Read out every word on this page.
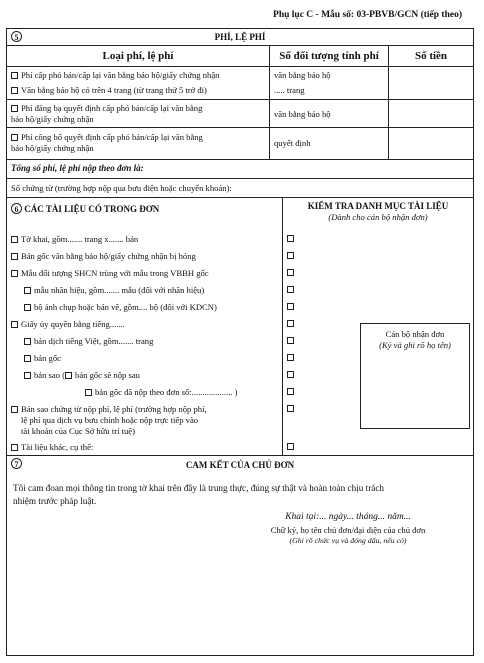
Phụ lục C - Mẫu số: 03-PBVB/GCN (tiếp theo)
5	PHÍ, LỆ PHÍ
Loại phí, lệ phí	Số đối tượng tính phí	Số tiền
Phí cấp phó bản/cấp lại văn bằng bảo hộ/giấy chứng nhận	văn bằng bảo hộ
Văn bằng bảo hộ có trên 4 trang (từ trang thứ 5 trở đi)	..... trang
Phí đăng bạ quyết định cấp phó bản/cấp lại văn bằng
bảo hộ/giấy chứng nhận	văn bằng bảo hộ
Phí công bố quyết định cấp phó bản/cấp lại văn bằng
bảo hộ/giấy chứng nhận	quyết định
Tổng số phí, lệ phí nộp theo đơn là:
Số chứng từ (trường hợp nộp qua bưu điện hoặc chuyển khoản):
6 CÁC TÀI LIỆU CÓ TRONG ĐƠN	KIỂM TRA DANH MỤC TÀI LIỆU
(Dành cho cán bộ nhận đơn)
Tờ khai, gồm....... trang x....... bản
Bản gốc văn bằng bảo hộ/giấy chứng nhận bị hỏng
Mẫu đối tượng SHCN trùng với mẫu trong VBBH gốc
mẫu nhãn hiệu, gồm....... mẫu (đối với nhãn hiệu)
bộ ảnh chụp hoặc bản vẽ, gồm.... bộ (đối với KDCN)
Giấy ủy quyền bằng tiếng.......
bản dịch tiếng Việt, gồm....... trang
bản gốc
bản sao ( bản gốc sẽ nộp sau
bản gốc đã nộp theo đơn số:................... )
Bản sao chứng từ nộp phí, lệ phí (trường hợp nộp phí,
lệ phí qua dịch vụ bưu chính hoặc nộp trực tiếp vào
tài khoản của Cục Sở hữu trí tuệ)
Tài liệu khác, cụ thể:
Cán bộ nhận đơn
(Ký và ghi rõ họ tên)
7	CAM KẾT CỦA CHỦ ĐƠN
Tôi cam đoan mọi thông tin trong tờ khai trên đây là trung thực, đúng sự thật và hoàn toàn chịu trách
nhiệm trước pháp luật.
Khai tại:... ngày... tháng... năm...
Chữ ký, họ tên chủ đơn/đại diện của chủ đơn
(Ghi rõ chức vụ và đóng dấu, nếu có)
